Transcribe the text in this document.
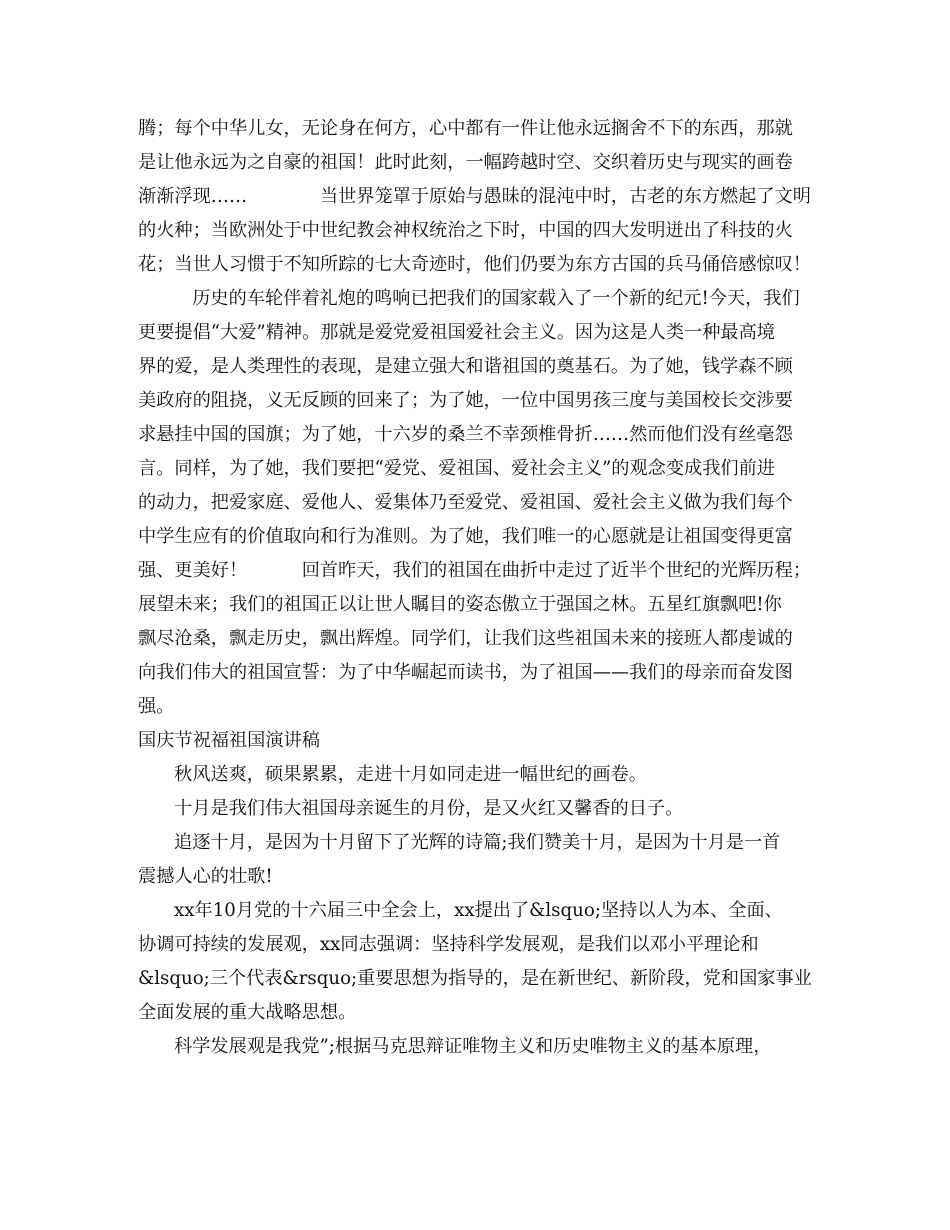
腾；每个中华儿女，无论身在何方，心中都有一件让他永远搁舍不下的东西，那就
是让他永远为之自豪的祖国！此时此刻，一幅跨越时空、交织着历史与现实的画卷
渐渐浮现……　　　　当世界笼罩于原始与愚昧的混沌中时，古老的东方燃起了文明
的火种；当欧洲处于中世纪教会神权统治之下时，中国的四大发明迸出了科技的火
花；当世人习惯于不知所踪的七大奇迹时，他们仍要为东方古国的兵马俑倍感惊叹！
　历史的车轮伴着礼炮的鸣响已把我们的国家载入了一个新的纪元!今天，我们
更要提倡“大爱”精神。那就是爱党爱祖国爱社会主义。因为这是人类一种最高境
界的爱，是人类理性的表现，是建立强大和谐祖国的奠基石。为了她，钱学森不顾
美政府的阻挠，义无反顾的回来了；为了她，一位中国男孩三度与美国校长交涉要
求悬挂中国的国旗；为了她，十六岁的桑兰不幸颈椎骨折……然而他们没有丝毫怨
言。同样，为了她，我们要把“爱党、爱祖国、爱社会主义”的观念变成我们前进
的动力，把爱家庭、爱他人、爱集体乃至爱党、爱祖国、爱社会主义做为我们每个
中学生应有的价值取向和行为准则。为了她，我们唯一的心愿就是让祖国变得更富
强、更美好！　　　回首昨天，我们的祖国在曲折中走过了近半个世纪的光辉历程；
展望未来；我们的祖国正以让世人瞩目的姿态傲立于强国之林。五星红旗飘吧!你
飘尽沧桑，飘走历史，飘出辉煌。同学们，让我们这些祖国未来的接班人都虔诚的
向我们伟大的祖国宣誓：为了中华崛起而读书，为了祖国——我们的母亲而奋发图
强。
国庆节祝福祖国演讲稿
秋风送爽，硕果累累，走进十月如同走进一幅世纪的画卷。
十月是我们伟大祖国母亲诞生的月份，是又火红又馨香的日子。
追逐十月，是因为十月留下了光辉的诗篇;我们赞美十月，是因为十月是一首
震撼人心的壮歌!
xx年10月党的十六届三中全会上，xx提出了&lsquo;坚持以人为本、全面、
协调可持续的发展观，xx同志强调：坚持科学发展观，是我们以邓小平理论和
&lsquo;三个代表&rsquo;重要思想为指导的，是在新世纪、新阶段，党和国家事业
全面发展的重大战略思想。
科学发展观是我党”;根据马克思辩证唯物主义和历史唯物主义的基本原理，
